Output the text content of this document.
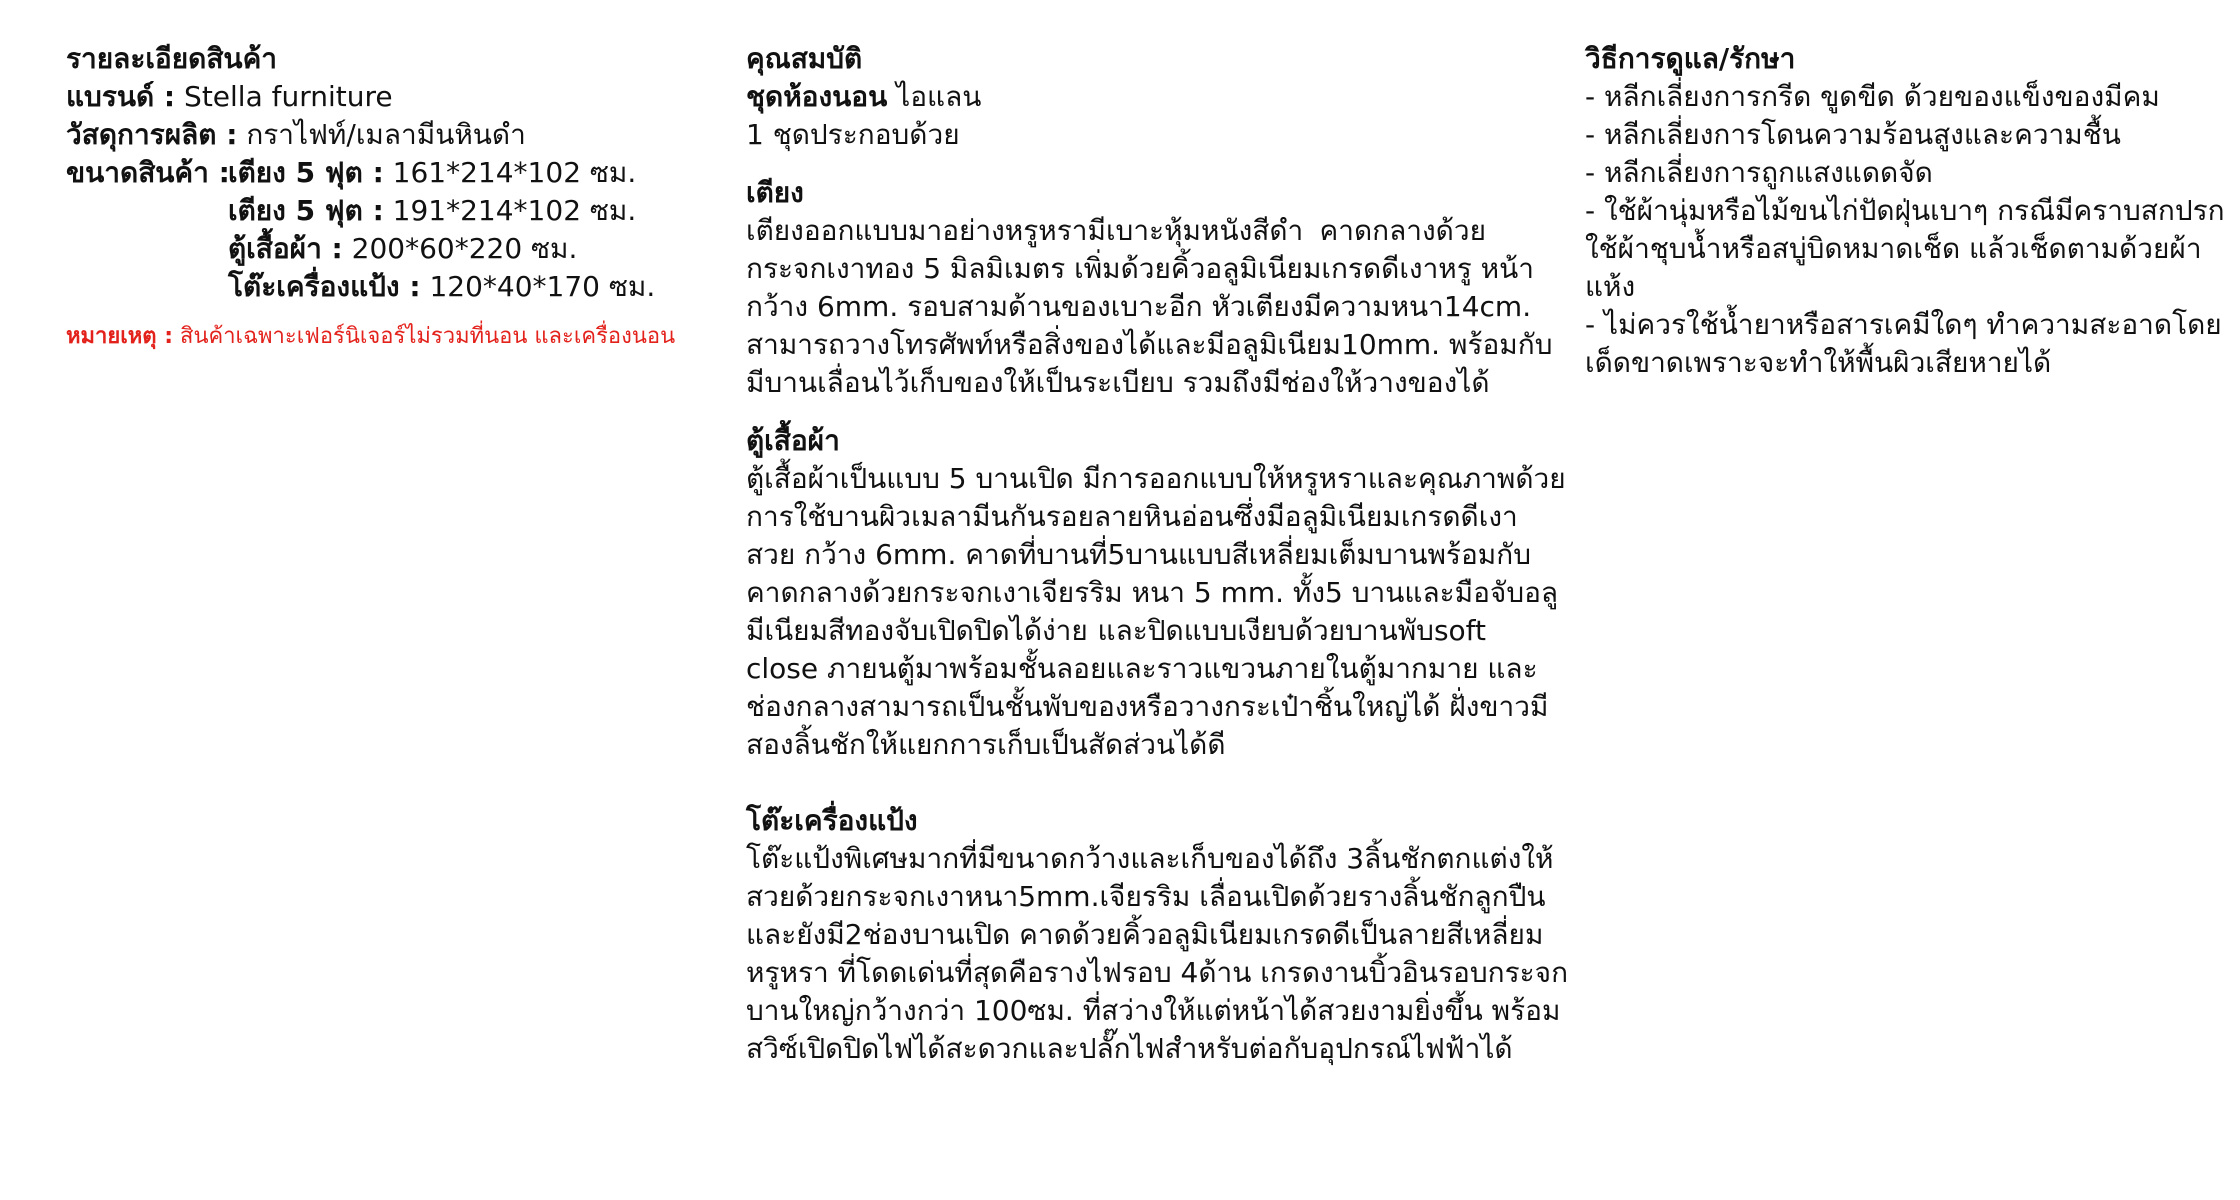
รายละเอียดสินค้า
แบรนด์ : Stella furniture
วัสดุการผลิต : กราไฟท์/เมลามีนหินดำ
ขนาดสินค้า :
เตียง 5 ฟุต : 161*214*102 ซม.
เตียง 5 ฟุต : 191*214*102 ซม.
ตู้เสื้อผ้า : 200*60*220 ซม.
โต๊ะเครื่องแป้ง : 120*40*170 ซม.
หมายเหตุ : สินค้าเฉพาะเฟอร์นิเจอร์ไม่รวมที่นอน และเครื่องนอน
คุณสมบัติ
ชุดห้องนอน ไอแลน
1 ชุดประกอบด้วย
เตียง
เตียงออกแบบมาอย่างหรูหรามีเบาะหุ้มหนังสีดำ คาดกลางด้วย
กระจกเงาทอง 5 มิลมิเมตร เพิ่มด้วยคิ้วอลูมิเนียมเกรดดีเงาหรู หน้า
กว้าง 6mm. รอบสามด้านของเบาะอีก หัวเตียงมีความหนา14cm.
สามารถวางโทรศัพท์หรือสิ่งของได้และมีอลูมิเนียม10mm. พร้อมกับ
มีบานเลื่อนไว้เก็บของให้เป็นระเบียบ รวมถึงมีช่องให้วางของได้
ตู้เสื้อผ้า
ตู้เสื้อผ้าเป็นแบบ 5 บานเปิด มีการออกแบบให้หรูหราและคุณภาพด้วย
การใช้บานผิวเมลามีนกันรอยลายหินอ่อนซึ่งมีอลูมิเนียมเกรดดีเงา
สวย กว้าง 6mm. คาดที่บานที่5บานแบบสีเหลี่ยมเต็มบานพร้อมกับ
คาดกลางด้วยกระจกเงาเจียรริม หนา 5 mm. ทั้ง5 บานและมือจับอลู
มีเนียมสีทองจับเปิดปิดได้ง่าย และปิดแบบเงียบด้วยบานพับsoft
close ภายนตู้มาพร้อมชั้นลอยและราวแขวนภายในตู้มากมาย และ
ช่องกลางสามารถเป็นชั้นพับของหรือวางกระเป๋าชิ้นใหญ่ได้ ฝั่งขาวมี
สองลิ้นชักให้แยกการเก็บเป็นสัดส่วนได้ดี
โต๊ะเครื่องแป้ง
โต๊ะแป้งพิเศษมากที่มีขนาดกว้างและเก็บของได้ถึง 3ลิ้นชักตกแต่งให้
สวยด้วยกระจกเงาหนา5mm.เจียรริม เลื่อนเปิดด้วยรางลิ้นชักลูกปืน
และยังมี2ช่องบานเปิด คาดด้วยคิ้วอลูมิเนียมเกรดดีเป็นลายสีเหลี่ยม
หรูหรา ที่โดดเด่นที่สุดคือรางไฟรอบ 4ด้าน เกรดงานบิ้วอินรอบกระจก
บานใหญ่กว้างกว่า 100ซม. ที่สว่างให้แต่หน้าได้สวยงามยิ่งขึ้น พร้อม
สวิซ์เปิดปิดไฟได้สะดวกและปลั๊กไฟสำหรับต่อกับอุปกรณ์ไฟฟ้าได้
วิธีการดูแล/รักษา
- หลีกเลี่ยงการกรีด ขูดขีด ด้วยของแข็งของมีคม
- หลีกเลี่ยงการโดนความร้อนสูงและความชื้น
- หลีกเลี่ยงการถูกแสงแดดจัด
- ใช้ผ้านุ่มหรือไม้ขนไก่ปัดฝุ่นเบาๆ กรณีมีคราบสกปรก
ใช้ผ้าชุบน้ำหรือสบู่บิดหมาดเช็ด แล้วเช็ดตามด้วยผ้า
แห้ง
- ไม่ควรใช้น้ำยาหรือสารเคมีใดๆ ทำความสะอาดโดย
เด็ดขาดเพราะจะทำให้พื้นผิวเสียหายได้
